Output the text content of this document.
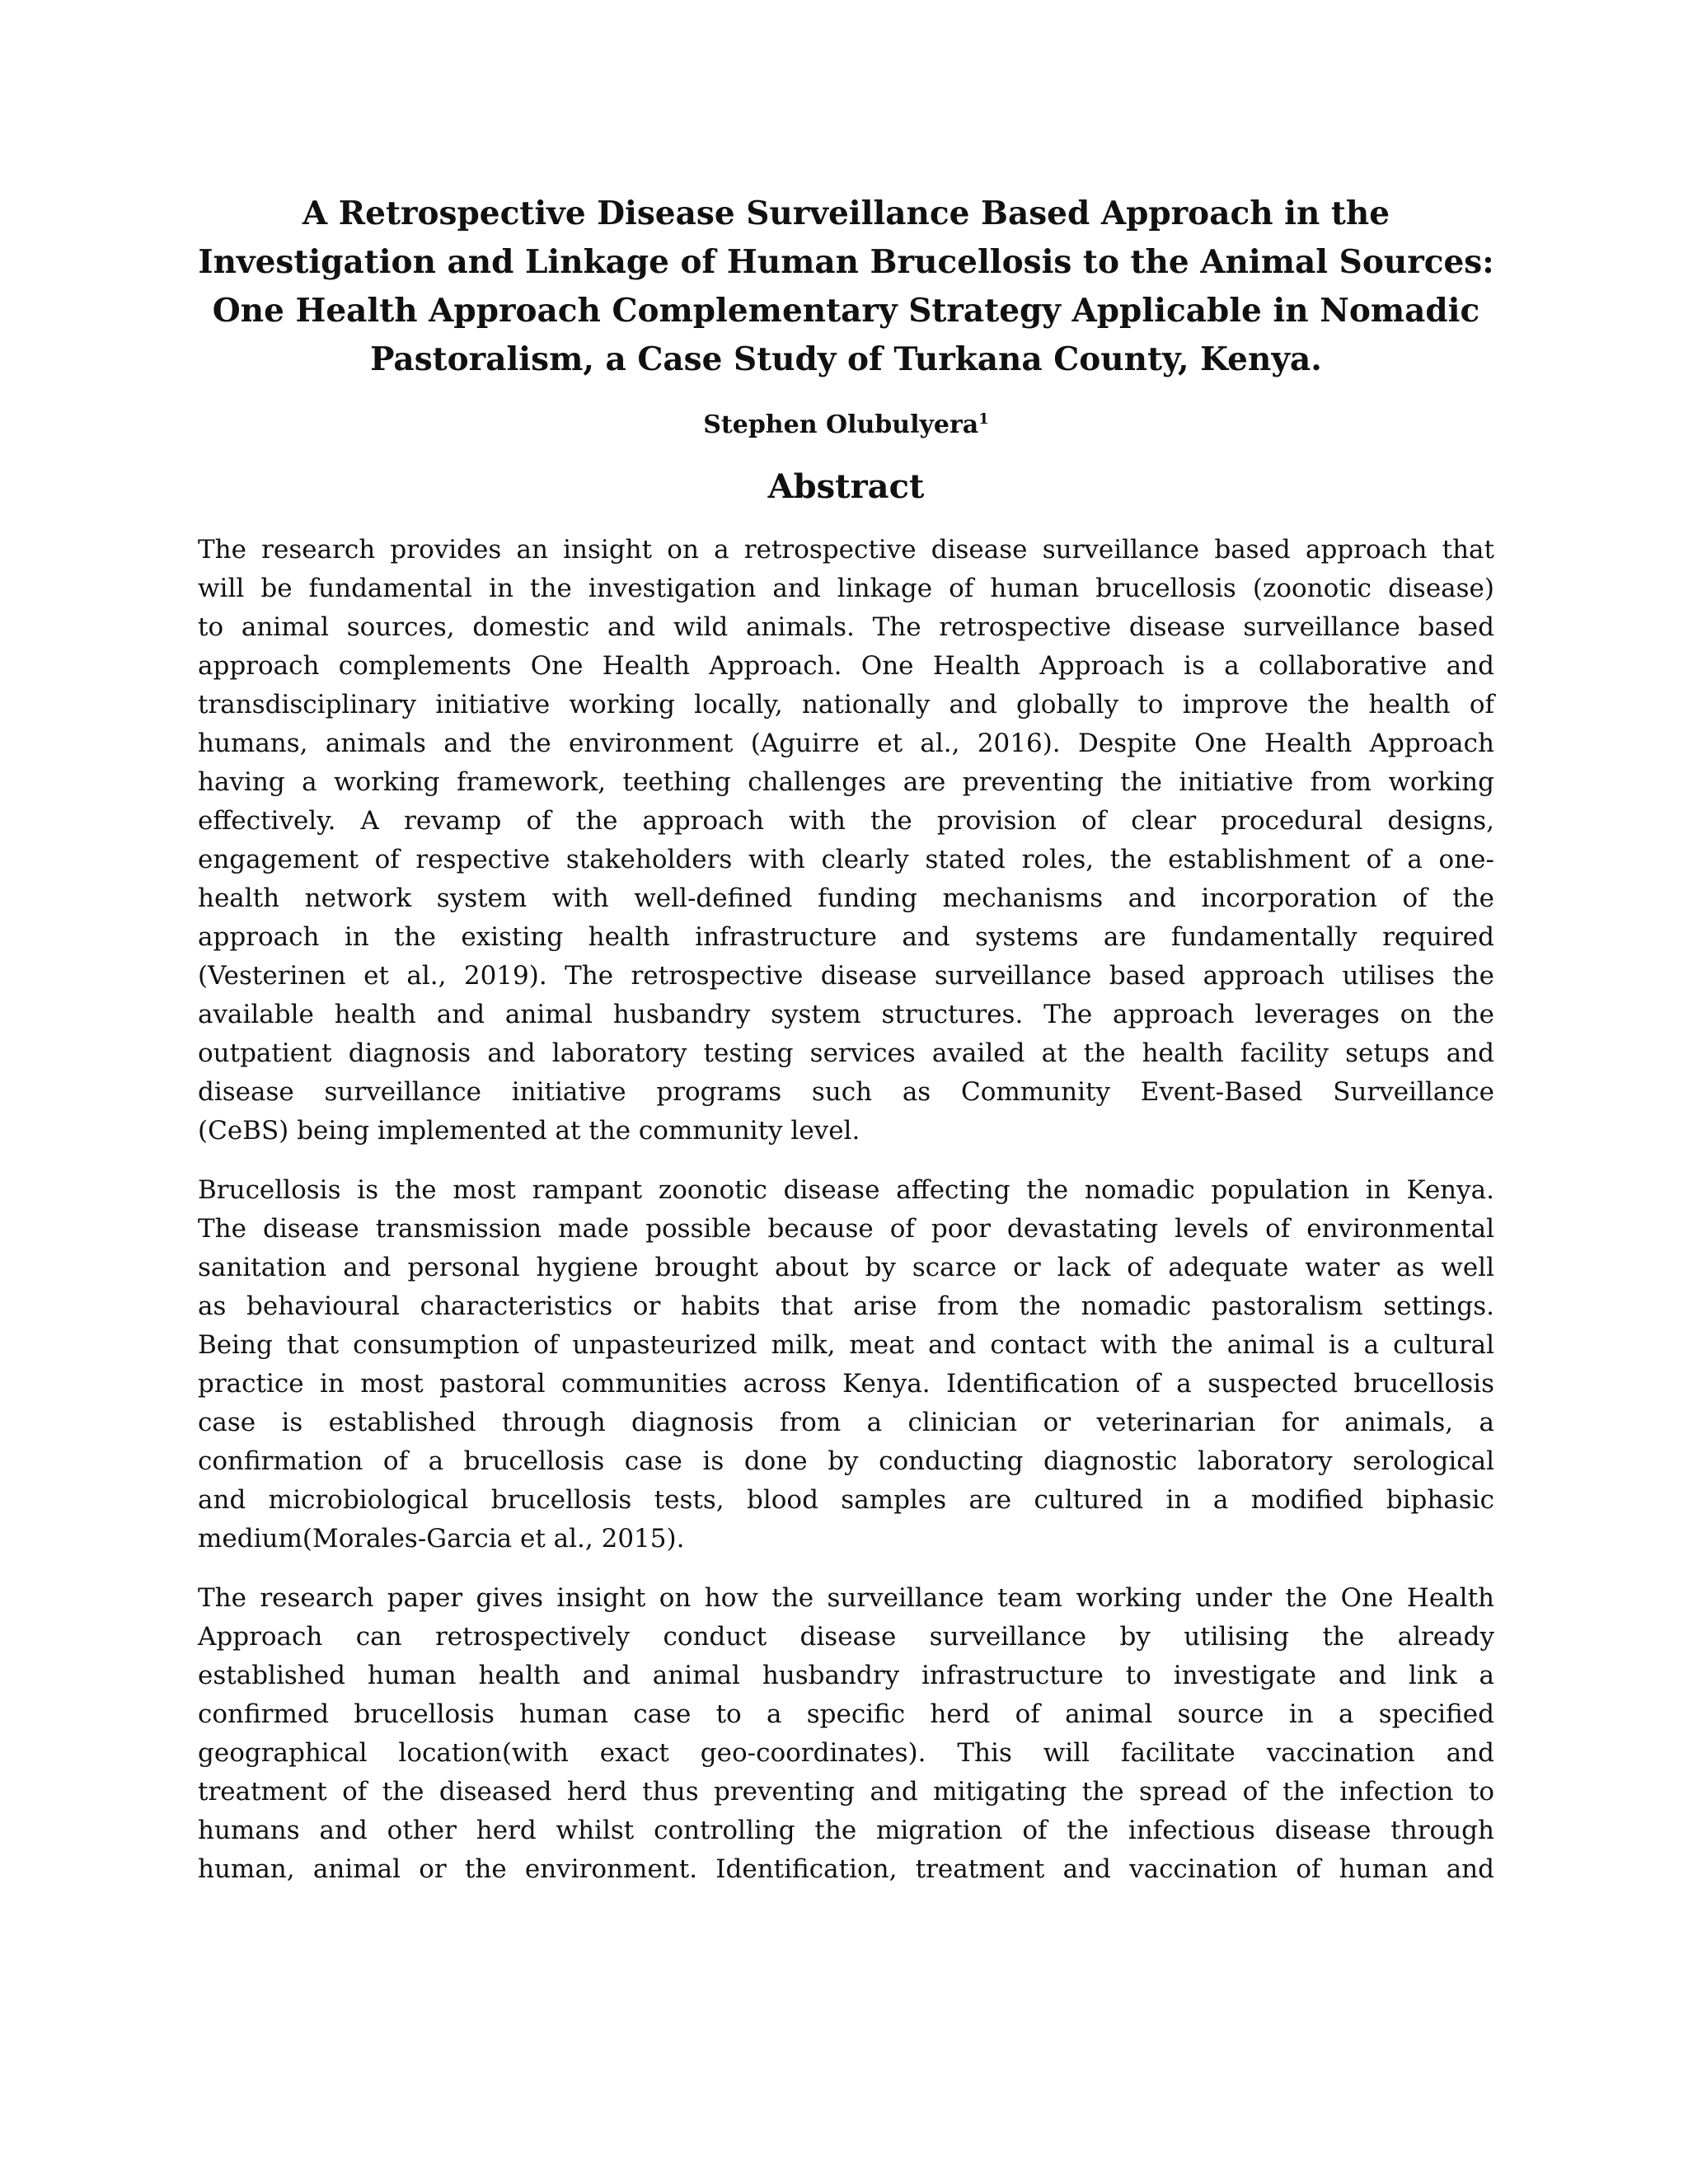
A Retrospective Disease Surveillance Based Approach in the
Investigation and Linkage of Human Brucellosis to the Animal Sources:
One Health Approach Complementary Strategy Applicable in Nomadic
Pastoralism, a Case Study of Turkana County, Kenya.
Stephen Olubulyera$^1$
Abstract

The research provides an insight on a retrospective disease surveillance based approach that
will be fundamental in the investigation and linkage of human brucellosis (zoonotic disease)
to animal sources, domestic and wild animals. The retrospective disease surveillance based
approach complements One Health Approach. One Health Approach is a collaborative and
transdisciplinary initiative working locally, nationally and globally to improve the health of
humans, animals and the environment (Aguirre et al., 2016). Despite One Health Approach
having a working framework, teething challenges are preventing the initiative from working
effectively. A revamp of the approach with the provision of clear procedural designs,
engagement of respective stakeholders with clearly stated roles, the establishment of a one-
health network system with well-defined funding mechanisms and incorporation of the
approach in the existing health infrastructure and systems are fundamentally required
(Vesterinen et al., 2019). The retrospective disease surveillance based approach utilises the
available health and animal husbandry system structures. The approach leverages on the
outpatient diagnosis and laboratory testing services availed at the health facility setups and
disease surveillance initiative programs such as Community Event-Based Surveillance
(CeBS) being implemented at the community level.

Brucellosis is the most rampant zoonotic disease affecting the nomadic population in Kenya.
The disease transmission made possible because of poor devastating levels of environmental
sanitation and personal hygiene brought about by scarce or lack of adequate water as well
as behavioural characteristics or habits that arise from the nomadic pastoralism settings.
Being that consumption of unpasteurized milk, meat and contact with the animal is a cultural
practice in most pastoral communities across Kenya. Identification of a suspected brucellosis
case is established through diagnosis from a clinician or veterinarian for animals, a
confirmation of a brucellosis case is done by conducting diagnostic laboratory serological
and microbiological brucellosis tests, blood samples are cultured in a modified biphasic
medium(Morales-Garcia et al., 2015).

The research paper gives insight on how the surveillance team working under the One Health
Approach can retrospectively conduct disease surveillance by utilising the already
established human health and animal husbandry infrastructure to investigate and link a
confirmed brucellosis human case to a specific herd of animal source in a specified
geographical location(with exact geo-coordinates). This will facilitate vaccination and
treatment of the diseased herd thus preventing and mitigating the spread of the infection to
humans and other herd whilst controlling the migration of the infectious disease through
human, animal or the environment. Identification, treatment and vaccination of human and
